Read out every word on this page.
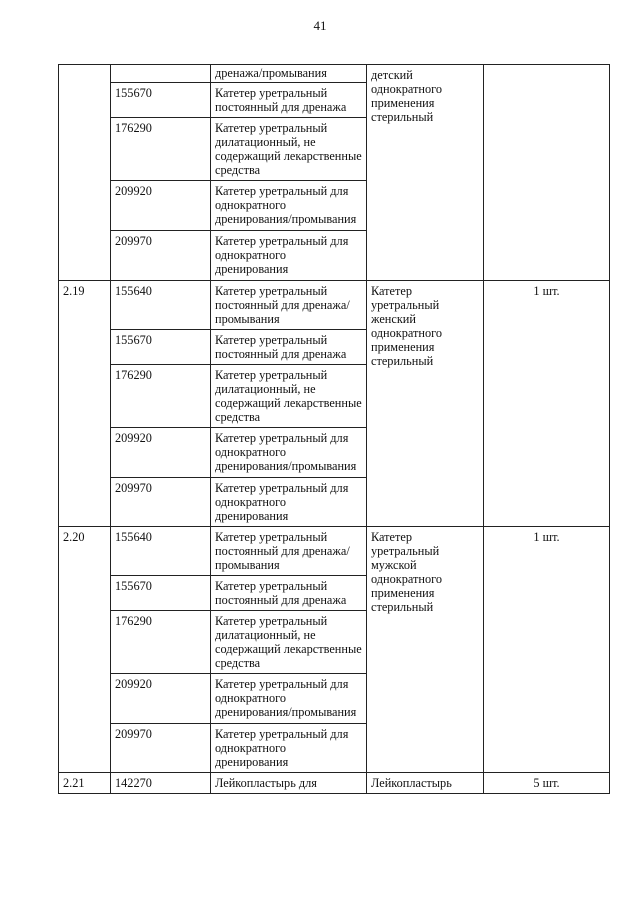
41
		дренажа/промывания	детский однократного применения стерильный	
	155670	Катетер уретральный постоянный для дренажа		
	176290	Катетер уретральный дилатационный, не содержащий лекарственные средства		
	209920	Катетер уретральный для однократного дренирования/промывания		
	209970	Катетер уретральный для однократного дренирования		
2.19	155640	Катетер уретральный постоянный для дренажа/промывания	Катетер уретральный женский однократного применения стерильный	1 шт.
	155670	Катетер уретральный постоянный для дренажа		
	176290	Катетер уретральный дилатационный, не содержащий лекарственные средства		
	209920	Катетер уретральный для однократного дренирования/промывания		
	209970	Катетер уретральный для однократного дренирования		
2.20	155640	Катетер уретральный постоянный для дренажа/промывания	Катетер уретральный мужской однократного применения стерильный	1 шт.
	155670	Катетер уретральный постоянный для дренажа		
	176290	Катетер уретральный дилатационный, не содержащий лекарственные средства		
	209920	Катетер уретральный для однократного дренирования/промывания		
	209970	Катетер уретральный для однократного дренирования		
2.21	142270	Лейкопластырь для	Лейкопластырь	5 шт.
